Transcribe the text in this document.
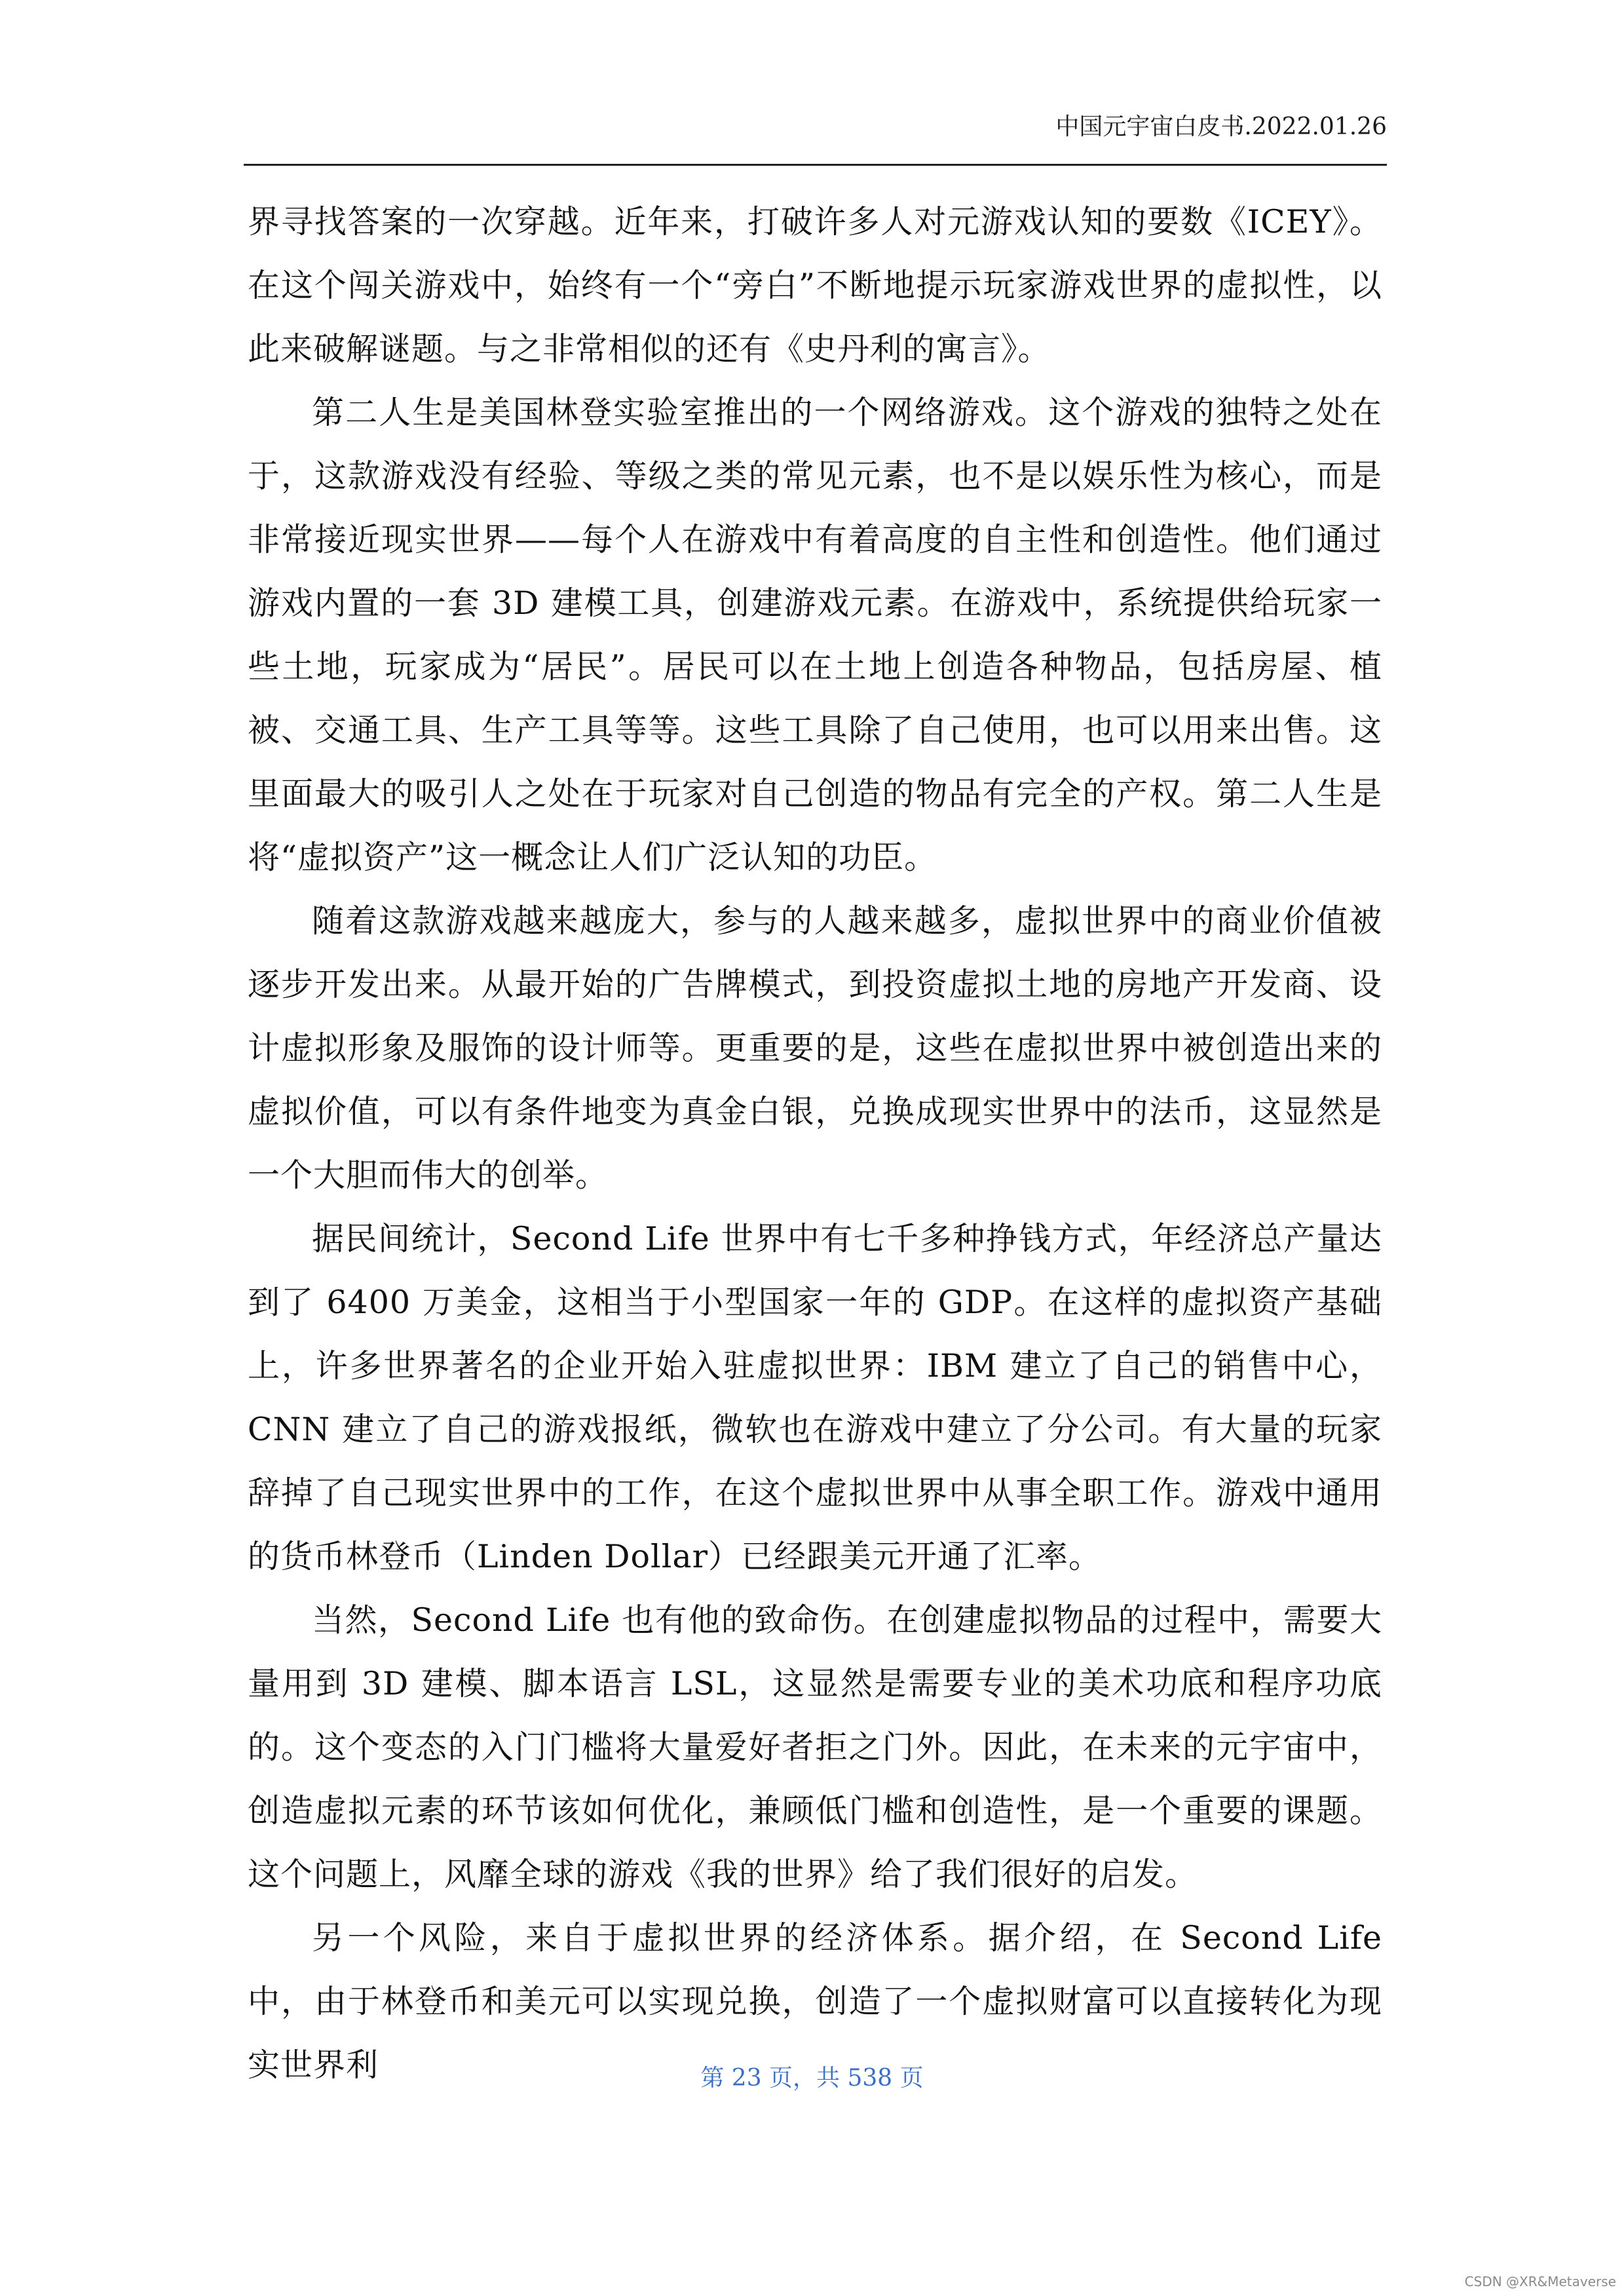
中国元宇宙白皮书.2022.01.26

界寻找答案的一次穿越。近年来，打破许多人对元游戏认知的要数《ICEY》。在这个闯关游戏中，始终有一个“旁白”不断地提示玩家游戏世界的虚拟性，以此来破解谜题。与之非常相似的还有《史丹利的寓言》。

第二人生是美国林登实验室推出的一个网络游戏。这个游戏的独特之处在于，这款游戏没有经验、等级之类的常见元素，也不是以娱乐性为核心，而是非常接近现实世界——每个人在游戏中有着高度的自主性和创造性。他们通过游戏内置的一套 3D 建模工具，创建游戏元素。在游戏中，系统提供给玩家一些土地，玩家成为“居民”。居民可以在土地上创造各种物品，包括房屋、植被、交通工具、生产工具等等。这些工具除了自己使用，也可以用来出售。这里面最大的吸引人之处在于玩家对自己创造的物品有完全的产权。第二人生是将“虚拟资产”这一概念让人们广泛认知的功臣。

随着这款游戏越来越庞大，参与的人越来越多，虚拟世界中的商业价值被逐步开发出来。从最开始的广告牌模式，到投资虚拟土地的房地产开发商、设计虚拟形象及服饰的设计师等。更重要的是，这些在虚拟世界中被创造出来的虚拟价值，可以有条件地变为真金白银，兑换成现实世界中的法币，这显然是一个大胆而伟大的创举。

据民间统计，Second Life 世界中有七千多种挣钱方式，年经济总产量达到了 6400 万美金，这相当于小型国家一年的 GDP。在这样的虚拟资产基础上，许多世界著名的企业开始入驻虚拟世界：IBM 建立了自己的销售中心，CNN 建立了自己的游戏报纸，微软也在游戏中建立了分公司。有大量的玩家辞掉了自己现实世界中的工作，在这个虚拟世界中从事全职工作。游戏中通用的货币林登币（Linden Dollar）已经跟美元开通了汇率。

当然，Second Life 也有他的致命伤。在创建虚拟物品的过程中，需要大量用到 3D 建模、脚本语言 LSL，这显然是需要专业的美术功底和程序功底的。这个变态的入门门槛将大量爱好者拒之门外。因此，在未来的元宇宙中，创造虚拟元素的环节该如何优化，兼顾低门槛和创造性，是一个重要的课题。这个问题上，风靡全球的游戏《我的世界》给了我们很好的启发。

另一个风险，来自于虚拟世界的经济体系。据介绍，在 Second Life 中，由于林登币和美元可以实现兑换，创造了一个虚拟财富可以直接转化为现实世界利	第 23 页，共 538 页
CSDN @XR&Metaverse
